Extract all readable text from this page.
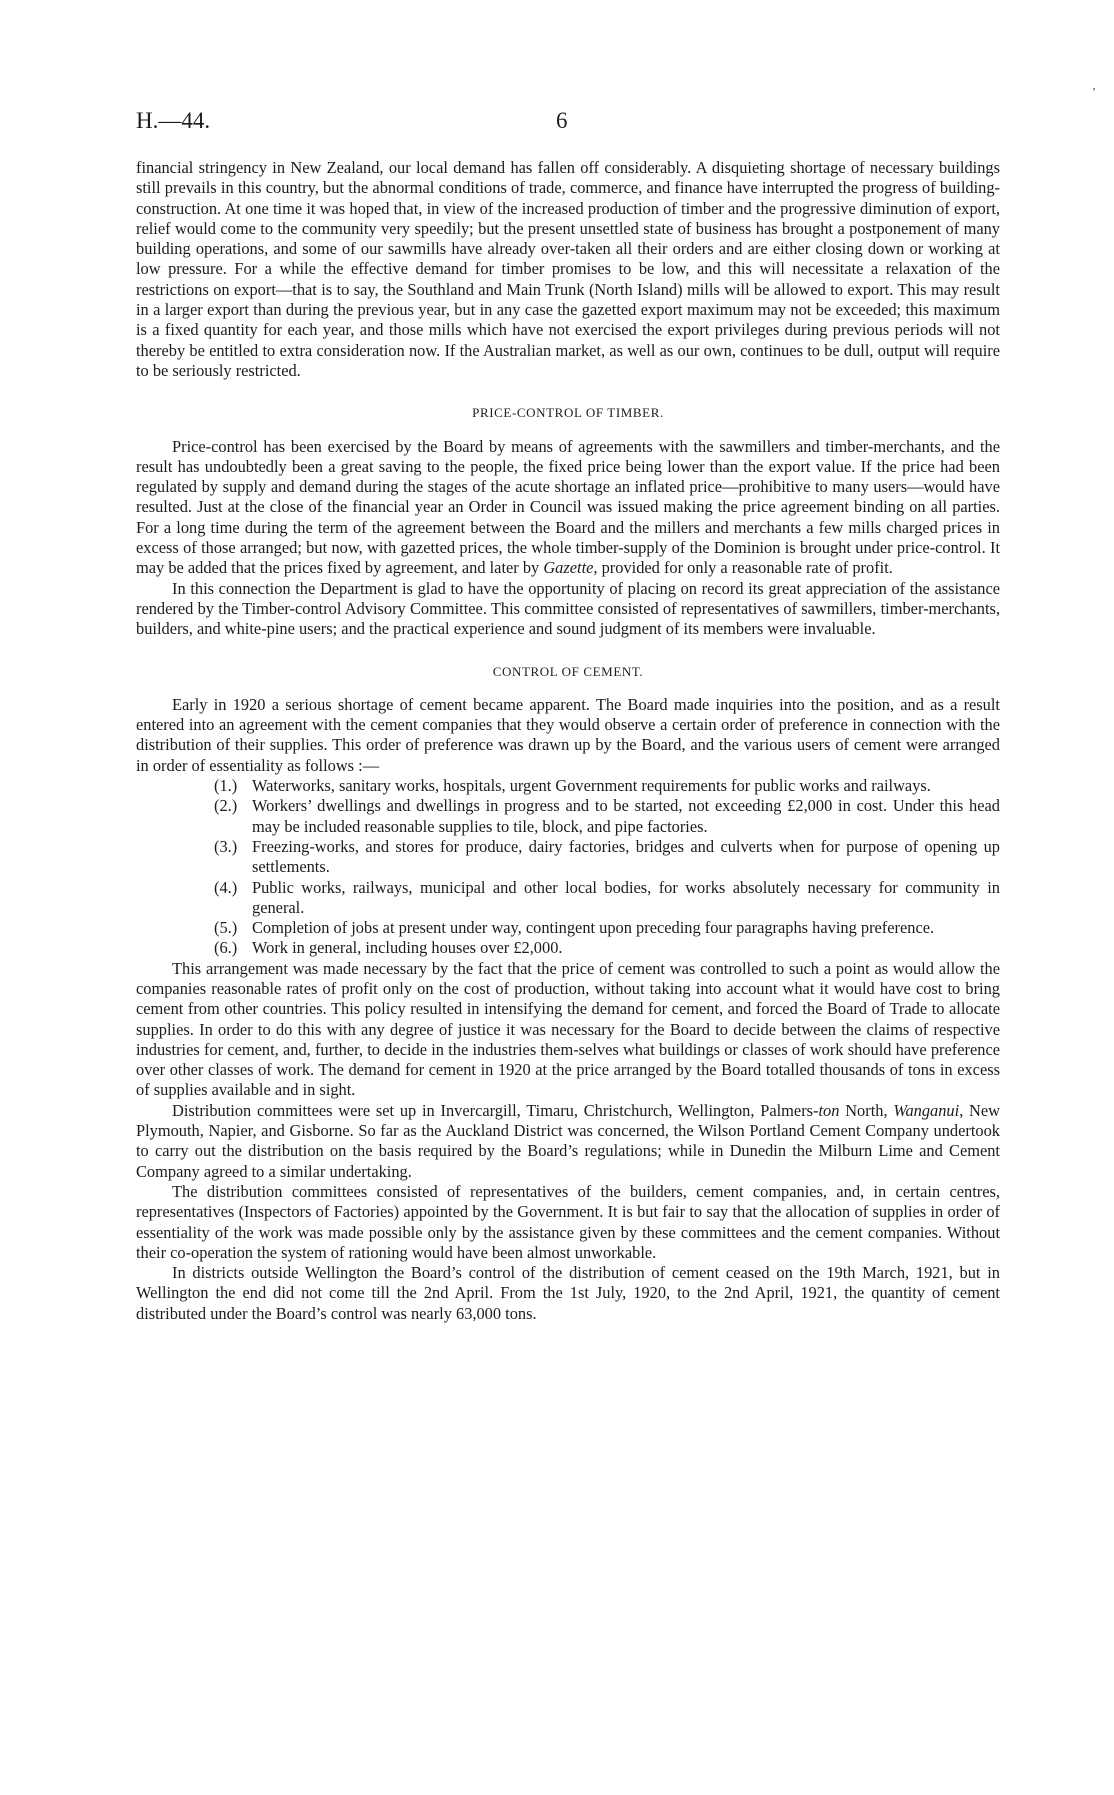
‚
H.—44.	6

financial stringency in New Zealand, our local demand has fallen off considerably. A disquieting shortage of necessary buildings still prevails in this country, but the abnormal conditions of trade, commerce, and finance have interrupted the progress of building-construction. At one time it was hoped that, in view of the increased production of timber and the progressive diminution of export, relief would come to the community very speedily; but the present unsettled state of business has brought a postponement of many building operations, and some of our sawmills have already over-taken all their orders and are either closing down or working at low pressure. For a while the effective demand for timber promises to be low, and this will necessitate a relaxation of the restrictions on export—that is to say, the Southland and Main Trunk (North Island) mills will be allowed to export. This may result in a larger export than during the previous year, but in any case the gazetted export maximum may not be exceeded; this maximum is a fixed quantity for each year, and those mills which have not exercised the export privileges during previous periods will not thereby be entitled to extra consideration now. If the Australian market, as well as our own, continues to be dull, output will require to be seriously restricted.

PRICE-CONTROL OF TIMBER.

Price-control has been exercised by the Board by means of agreements with the sawmillers and timber-merchants, and the result has undoubtedly been a great saving to the people, the fixed price being lower than the export value. If the price had been regulated by supply and demand during the stages of the acute shortage an inflated price—prohibitive to many users—would have resulted. Just at the close of the financial year an Order in Council was issued making the price agreement binding on all parties. For a long time during the term of the agreement between the Board and the millers and merchants a few mills charged prices in excess of those arranged; but now, with gazetted prices, the whole timber-supply of the Dominion is brought under price-control. It may be added that the prices fixed by agreement, and later by Gazette, provided for only a reasonable rate of profit.

In this connection the Department is glad to have the opportunity of placing on record its great appreciation of the assistance rendered by the Timber-control Advisory Committee. This committee consisted of representatives of sawmillers, timber-merchants, builders, and white-pine users; and the practical experience and sound judgment of its members were invaluable.

CONTROL OF CEMENT.

Early in 1920 a serious shortage of cement became apparent. The Board made inquiries into the position, and as a result entered into an agreement with the cement companies that they would observe a certain order of preference in connection with the distribution of their supplies. This order of preference was drawn up by the Board, and the various users of cement were arranged in order of essentiality as follows :—

(1.) Waterworks, sanitary works, hospitals, urgent Government requirements for public works and railways.
(2.) Workers’ dwellings and dwellings in progress and to be started, not exceeding £2,000 in cost. Under this head may be included reasonable supplies to tile, block, and pipe factories.
(3.) Freezing-works, and stores for produce, dairy factories, bridges and culverts when for purpose of opening up settlements.
(4.) Public works, railways, municipal and other local bodies, for works absolutely necessary for community in general.
(5.) Completion of jobs at present under way, contingent upon preceding four paragraphs having preference.
(6.) Work in general, including houses over £2,000.

This arrangement was made necessary by the fact that the price of cement was controlled to such a point as would allow the companies reasonable rates of profit only on the cost of production, without taking into account what it would have cost to bring cement from other countries. This policy resulted in intensifying the demand for cement, and forced the Board of Trade to allocate supplies. In order to do this with any degree of justice it was necessary for the Board to decide between the claims of respective industries for cement, and, further, to decide in the industries them-selves what buildings or classes of work should have preference over other classes of work. The demand for cement in 1920 at the price arranged by the Board totalled thousands of tons in excess of supplies available and in sight.

Distribution committees were set up in Invercargill, Timaru, Christchurch, Wellington, Palmers-ton North, Wanganui, New Plymouth, Napier, and Gisborne. So far as the Auckland District was concerned, the Wilson Portland Cement Company undertook to carry out the distribution on the basis required by the Board’s regulations; while in Dunedin the Milburn Lime and Cement Company agreed to a similar undertaking.

The distribution committees consisted of representatives of the builders, cement companies, and, in certain centres, representatives (Inspectors of Factories) appointed by the Government. It is but fair to say that the allocation of supplies in order of essentiality of the work was made possible only by the assistance given by these committees and the cement companies. Without their co-operation the system of rationing would have been almost unworkable.

In districts outside Wellington the Board’s control of the distribution of cement ceased on the 19th March, 1921, but in Wellington the end did not come till the 2nd April. From the 1st July, 1920, to the 2nd April, 1921, the quantity of cement distributed under the Board’s control was nearly 63,000 tons.
